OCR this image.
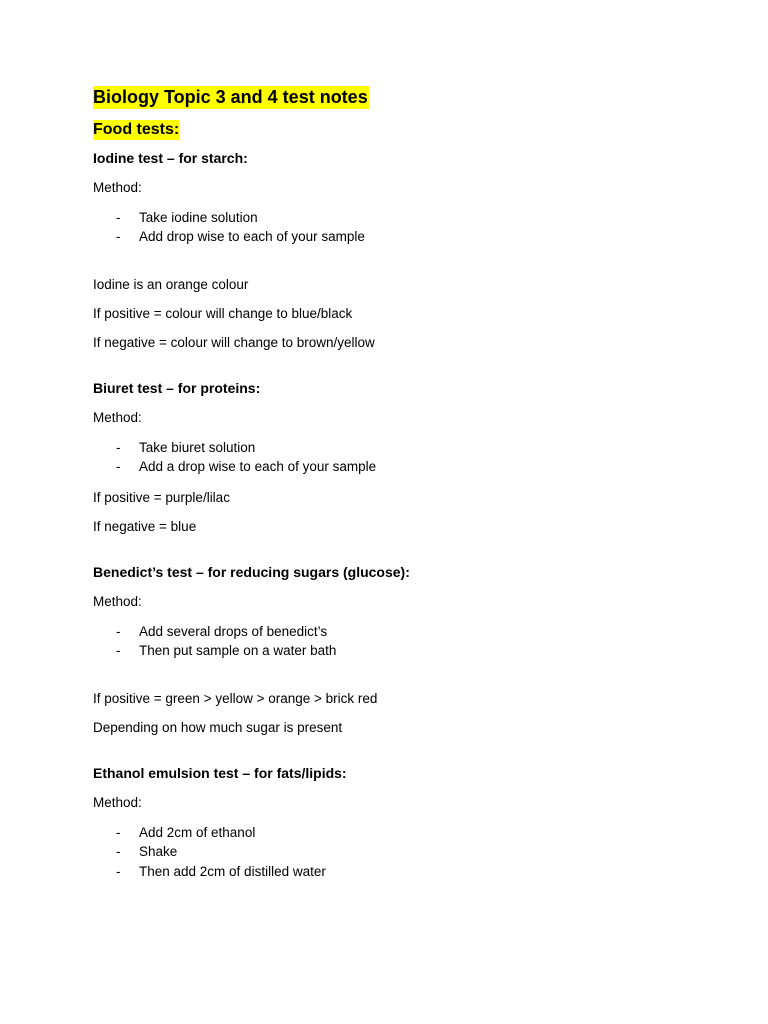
Biology Topic 3 and 4 test notes
Food tests:
Iodine test – for starch:
Method:
- Take iodine solution
- Add drop wise to each of your sample
Iodine is an orange colour
If positive = colour will change to blue/black
If negative = colour will change to brown/yellow
Biuret test – for proteins:
Method:
- Take biuret solution
- Add a drop wise to each of your sample
If positive = purple/lilac
If negative = blue
Benedict’s test – for reducing sugars (glucose):
Method:
- Add several drops of benedict’s
- Then put sample on a water bath
If positive = green > yellow > orange > brick red
Depending on how much sugar is present
Ethanol emulsion test – for fats/lipids:
Method:
- Add 2cm of ethanol
- Shake
- Then add 2cm of distilled water
